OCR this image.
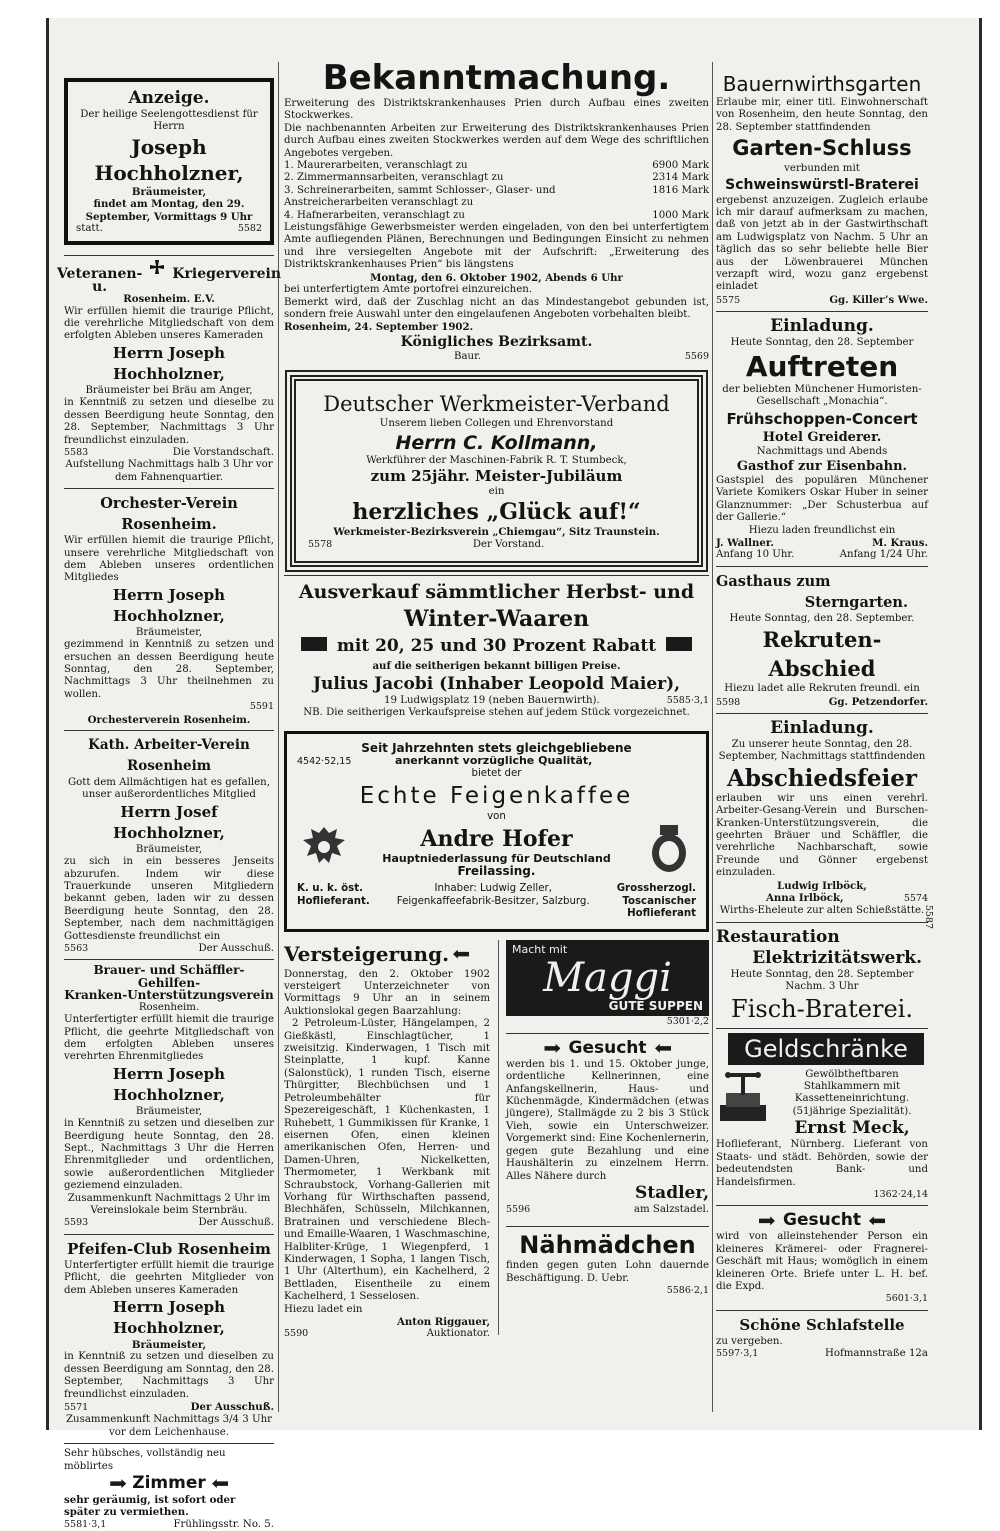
Anzeige.

Der heilige Seelengottesdienst für

Herrn

Joseph Hochholzner,

Bräumeister,

findet am Montag, den 29.

September, Vormittags 9 Uhr

statt.	5582
Veteranen- u.
Kriegerverein

Rosenheim. E.V.

Wir erfüllen hiemit die traurige Pflicht, die verehrliche Mitgliedschaft von dem erfolgten Ableben unseres Kameraden

Herrn Joseph Hochholzner,

Bräumeister bei Bräu am Anger,

in Kenntniß zu setzen und dieselbe zu dessen Beerdigung heute Sonntag, den 28. September, Nachmittags 3 Uhr freundlichst einzuladen.

5583	Die Vorstandschaft.

Aufstellung Nachmittags halb 3 Uhr vor dem Fahnenquartier.

Orchester-Verein Rosenheim.

Wir erfüllen hiemit die traurige Pflicht, unsere verehrliche Mitgliedschaft von dem Ableben unseres ordentlichen Mitgliedes

Herrn Joseph Hochholzner,

Bräumeister,

gezimmend in Kenntniß zu setzen und ersuchen an dessen Beerdigung heute Sonntag, den 28. September, Nachmittags 3 Uhr theilnehmen zu wollen.

5591

Orchesterverein Rosenheim.

Kath. Arbeiter-Verein Rosenheim

Gott dem Allmächtigen hat es gefallen, unser außerordentliches Mitglied

Herrn Josef Hochholzner,

Bräumeister,

zu sich in ein besseres Jenseits abzurufen. Indem wir diese Trauerkunde unseren Mitgliedern bekannt geben, laden wir zu dessen Beerdigung heute Sonntag, den 28. September, nach dem nachmittägigen Gottesdienste freundlichst ein

5563	Der Ausschuß.
Brauer- und Schäffler-Gehilfen-
Kranken-Unterstützungsverein

Rosenheim.

Unterfertigter erfüllt hiemit die traurige Pflicht, die geehrte Mitgliedschaft von dem erfolgten Ableben unseres verehrten Ehrenmitgliedes

Herrn Joseph Hochholzner,

Bräumeister,

in Kenntniß zu setzen und dieselben zur Beerdigung heute Sonntag, den 28. Sept., Nachmittags 3 Uhr die Herren Ehrenmitglieder und ordentlichen, sowie außerordentlichen Mitglieder geziemend einzuladen.

Zusammenkunft Nachmittags 2 Uhr im Vereinslokale beim Sternbräu.

5593	Der Ausschuß.
Pfeifen-Club Rosenheim

Unterfertigter erfüllt hiemit die traurige Pflicht, die geehrten Mitglieder von dem Ableben unseres Kameraden

Herrn Joseph Hochholzner,

Bräumeister,

in Kenntniß zu setzen und dieselben zu dessen Beerdigung am Sonntag, den 28. September, Nachmittags 3 Uhr freundlichst einzuladen.

5571	Der Ausschuß.

Zusammenkunft Nachmittags 3/4 3 Uhr vor dem Leichenhause.

Sehr hübsches, vollständig neu möblirtes

Zimmer

sehr geräumig, ist sofort oder später zu vermiethen.

5581·3,1	Frühlingsstr. No. 5.
Bekanntmachung.

Erweiterung des Distriktskrankenhauses Prien durch Aufbau eines zweiten Stockwerkes.

Die nachbenannten Arbeiten zur Erweiterung des Distriktskrankenhauses Prien durch Aufbau eines zweiten Stockwerkes werden auf dem Wege des schriftlichen Angebotes vergeben.

1. Maurerarbeiten, veranschlagt zu	6900 Mark
2. Zimmermannsarbeiten, veranschlagt zu	2314 Mark
3. Schreinerarbeiten, sammt Schlosser-, Glaser- und Anstreicherarbeiten veranschlagt zu
1816 Mark
4. Hafnerarbeiten, veranschlagt zu	1000 Mark

Leistungsfähige Gewerbsmeister werden eingeladen, von den bei unterfertigtem Amte aufliegenden Plänen, Berechnungen und Bedingungen Einsicht zu nehmen und ihre versiegelten Angebote mit der Aufschrift: „Erweiterung des Distriktskrankenhauses Prien“ bis längstens

Montag, den 6. Oktober 1902, Abends 6 Uhr

bei unterfertigtem Amte portofrei einzureichen.

Bemerkt wird, daß der Zuschlag nicht an das Mindestangebot gebunden ist, sondern freie Auswahl unter den eingelaufenen Angeboten vorbehalten bleibt.

Rosenheim, 24. September 1902.

Königliches Bezirksamt.

Baur.	5569
Deutscher Werkmeister-Verband

Unserem lieben Collegen und Ehrenvorstand

Herrn C. Kollmann,

Werkführer der Maschinen-Fabrik R. T. Stumbeck,

zum 25jähr. Meister-Jubiläum

ein

herzliches „Glück auf!“

Werkmeister-Bezirksverein „Chiemgau“, Sitz Traunstein.

5578	Der Vorstand.
Ausverkauf sämmtlicher Herbst- und
Winter-Waaren
mit 20, 25 und 30 Prozent Rabatt

auf die seitherigen bekannt billigen Preise.

Julius Jacobi (Inhaber Leopold Maier),
19 Ludwigsplatz 19 (neben Bauernwirth).	5585·3,1

NB. Die seitherigen Verkaufspreise stehen auf jedem Stück vorgezeichnet.

Seit Jahrzehnten stets gleichgebliebene
4542·52,15	anerkannt vorzügliche Qualität,

bietet der

Echte Feigenkaffee

von

Andre Hofer
Hauptniederlassung für Deutschland
Freilassing.
K. u. k. öst.
Hoflieferant.
Inhaber: Ludwig Zeller,
Feigenkaffeefabrik-Besitzer, Salzburg.
Grossherzogl.
Toscanischer
Hoflieferant
Versteigerung.

Donnerstag, den 2. Oktober 1902 versteigert Unterzeichneter von Vormittags 9 Uhr an in seinem Auktionslokal gegen Baarzahlung:

2 Petroleum-Lüster, Hängelampen, 2 Gießkästl, Einschlagtücher, 1 zweisitzig. Kinderwagen, 1 Tisch mit Steinplatte, 1 kupf. Kanne (Salonstück), 1 runden Tisch, eiserne Thürgitter, Blechbüchsen und 1 Petroleumbehälter für Spezereigeschäft, 1 Küchenkasten, 1 Ruhebett, 1 Gummikissen für Kranke, 1 eisernen Ofen, einen kleinen amerikanischen Ofen, Herren- und Damen-Uhren, Nickelketten, Thermometer, 1 Werkbank mit Schraubstock, Vorhang-Gallerien mit Vorhang für Wirthschaften passend, Blechhäfen, Schüsseln, Milchkannen, Bratrainen und verschiedene Blech- und Emaille-Waaren, 1 Waschmaschine, Halbliter-Krüge, 1 Wiegenpferd, 1 Kinderwagen, 1 Sopha, 1 langen Tisch, 1 Uhr (Alterthum), ein Kachelherd, 2 Bettladen, Eisentheile zu einem Kachelherd, 1 Sesselosen.

Hiezu ladet ein

Anton Riggauer,
5590	Auktionator.
Macht mit
Maggi
GUTE SUPPEN
5301·2,2
Gesucht

werden bis 1. und 15. Oktober junge, ordentliche Kellnerinnen, eine Anfangskellnerin, Haus- und Küchenmägde, Kindermädchen (etwas jüngere), Stallmägde zu 2 bis 3 Stück Vieh, sowie ein Unterschweizer. Vorgemerkt sind: Eine Kochenlernerin, gegen gute Bezahlung und eine Haushälterin zu einzelnem Herrn. Alles Nähere durch

Stadler,
5596	am Salzstadel.
Nähmädchen

finden gegen guten Lohn dauernde Beschäftigung. D. Uebr.

5586·2,1
Bauernwirthsgarten

Erlaube mir, einer titl. Einwohnerschaft von Rosenheim, den heute Sonntag, den 28. September stattfindenden

Garten-Schluss

verbunden mit

Schweinswürstl-Braterei

ergebenst anzuzeigen. Zugleich erlaube ich mir darauf aufmerksam zu machen, daß von jetzt ab in der Gastwirthschaft am Ludwigsplatz von Nachm. 5 Uhr an täglich das so sehr beliebte helle Bier aus der Löwenbrauerei München verzapft wird, wozu ganz ergebenst einladet

5575	Gg. Killer’s Wwe.
Einladung.

Heute Sonntag, den 28. September

Auftreten

der beliebten Münchener Humoristen-Gesellschaft „Monachia“.

Frühschoppen-Concert
Hotel Greiderer.

Nachmittags und Abends

Gasthof zur Eisenbahn.

Gastspiel des populären Münchener Variete Komikers Oskar Huber in seiner Glanznummer: „Der Schusterbua auf der Gallerie.“

Hiezu laden freundlichst ein

J. Wallner.	M. Kraus.
Anfang 10 Uhr.	Anfang 1/24 Uhr.
Gasthaus zum
Sterngarten.

Heute Sonntag, den 28. September.

Rekruten-Abschied

Hiezu ladet alle Rekruten freundl. ein

5598	Gg. Petzendorfer.
Einladung.

Zu unserer heute Sonntag, den 28. September, Nachmittags stattfindenden

Abschiedsfeier

erlauben wir uns einen verehrl. Arbeiter-Gesang-Verein und Burschen-Kranken-Unterstützungsverein, die geehrten Bräuer und Schäffler, die verehrliche Nachbarschaft, sowie Freunde und Gönner ergebenst einzuladen.

Ludwig Irlböck,

Anna Irlböck,	5574

Wirths-Eheleute zur alten Schießstätte.

Restauration
Elektrizitätswerk.

Heute Sonntag, den 28. September

Nachm. 3 Uhr

Fisch-Braterei.
5587
Geldschränke

Gewölbtheftbaren Stahlkammern mit Kassetteneinrichtung. (51jährige Spezialität).

Ernst Meck,

Hoflieferant, Nürnberg. Lieferant von Staats- und städt. Behörden, sowie der bedeutendsten Bank- und Handelsfirmen.

1362·24,14
Gesucht

wird von alleinstehender Person ein kleineres Krämerei- oder Fragnerei-Geschäft mit Haus; womöglich in einem kleineren Orte. Briefe unter L. H. bef. die Expd.

5601·3,1
Schöne Schlafstelle

zu vergeben.

5597·3,1	Hofmannstraße 12a
